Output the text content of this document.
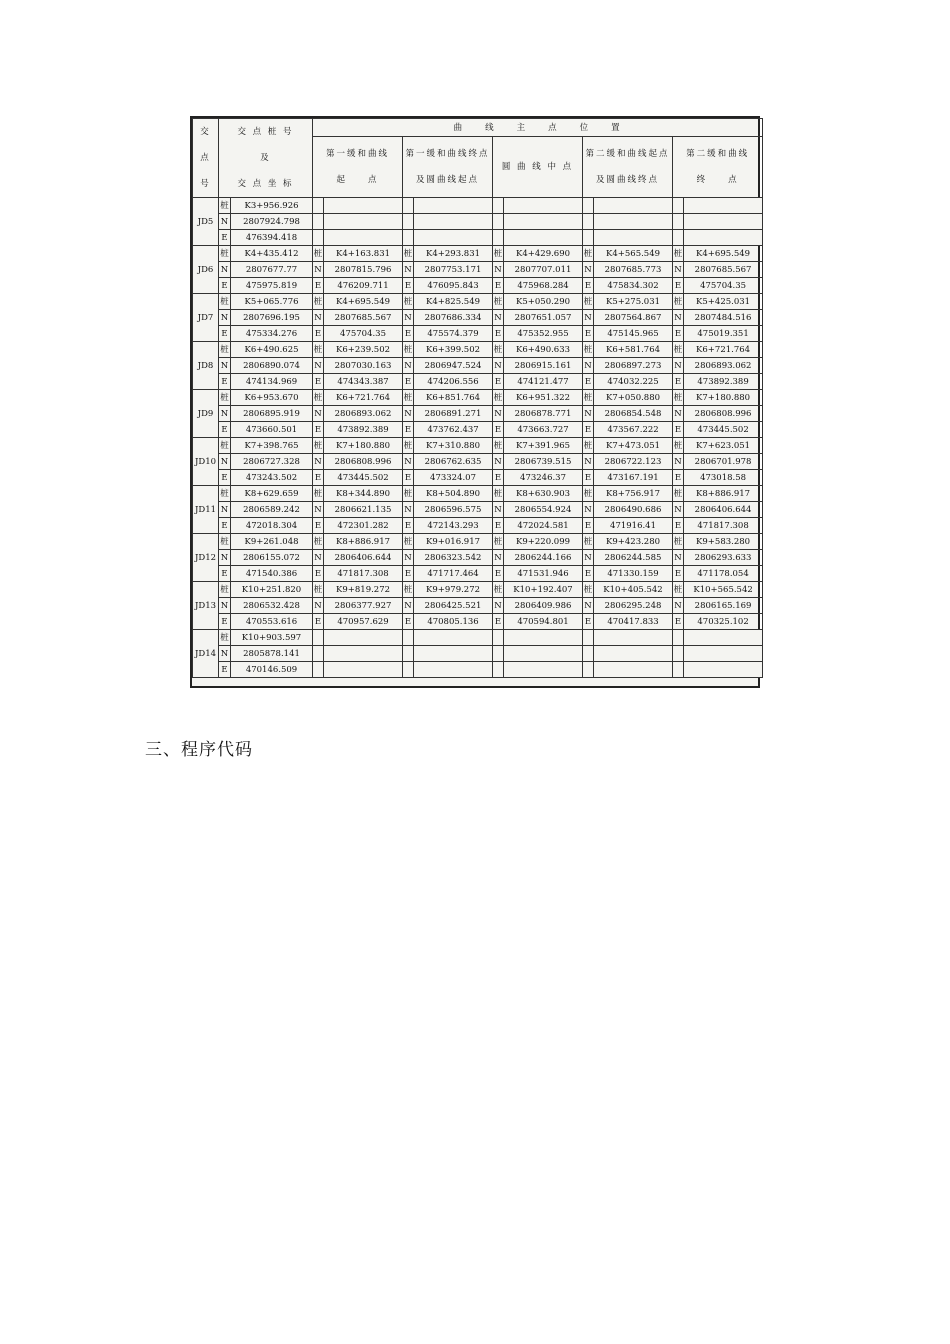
交
点
号	交 点 桩 号
及
交 点 坐 标		曲　　线　　主　　点　　位　　置									

			第一缓和曲线
起　　点		第一缓和曲线终点
及圆曲线起点		圆 曲 线 中 点		第二缓和曲线起点
及圆曲线终点		第二缓和曲线
终　　点	

JD5	桩	K3+956.926										
	N	2807924.798										
	E	476394.418										
JD6	桩	K4+435.412	桩	K4+163.831	桩	K4+293.831	桩	K4+429.690	桩	K4+565.549	桩	K4+695.549
	N	2807677.77	N	2807815.796	N	2807753.171	N	2807707.011	N	2807685.773	N	2807685.567
	E	475975.819	E	476209.711	E	476095.843	E	475968.284	E	475834.302	E	475704.35
JD7	桩	K5+065.776	桩	K4+695.549	桩	K4+825.549	桩	K5+050.290	桩	K5+275.031	桩	K5+425.031
	N	2807696.195	N	2807685.567	N	2807686.334	N	2807651.057	N	2807564.867	N	2807484.516
	E	475334.276	E	475704.35	E	475574.379	E	475352.955	E	475145.965	E	475019.351
JD8	桩	K6+490.625	桩	K6+239.502	桩	K6+399.502	桩	K6+490.633	桩	K6+581.764	桩	K6+721.764
	N	2806890.074	N	2807030.163	N	2806947.524	N	2806915.161	N	2806897.273	N	2806893.062
	E	474134.969	E	474343.387	E	474206.556	E	474121.477	E	474032.225	E	473892.389
JD9	桩	K6+953.670	桩	K6+721.764	桩	K6+851.764	桩	K6+951.322	桩	K7+050.880	桩	K7+180.880
	N	2806895.919	N	2806893.062	N	2806891.271	N	2806878.771	N	2806854.548	N	2806808.996
	E	473660.501	E	473892.389	E	473762.437	E	473663.727	E	473567.222	E	473445.502
JD10	桩	K7+398.765	桩	K7+180.880	桩	K7+310.880	桩	K7+391.965	桩	K7+473.051	桩	K7+623.051
	N	2806727.328	N	2806808.996	N	2806762.635	N	2806739.515	N	2806722.123	N	2806701.978
	E	473243.502	E	473445.502	E	473324.07	E	473246.37	E	473167.191	E	473018.58
JD11	桩	K8+629.659	桩	K8+344.890	桩	K8+504.890	桩	K8+630.903	桩	K8+756.917	桩	K8+886.917
	N	2806589.242	N	2806621.135	N	2806596.575	N	2806554.924	N	2806490.686	N	2806406.644
	E	472018.304	E	472301.282	E	472143.293	E	472024.581	E	471916.41	E	471817.308
JD12	桩	K9+261.048	桩	K8+886.917	桩	K9+016.917	桩	K9+220.099	桩	K9+423.280	桩	K9+583.280
	N	2806155.072	N	2806406.644	N	2806323.542	N	2806244.166	N	2806244.585	N	2806293.633
	E	471540.386	E	471817.308	E	471717.464	E	471531.946	E	471330.159	E	471178.054
JD13	桩	K10+251.820	桩	K9+819.272	桩	K9+979.272	桩	K10+192.407	桩	K10+405.542	桩	K10+565.542
	N	2806532.428	N	2806377.927	N	2806425.521	N	2806409.986	N	2806295.248	N	2806165.169
	E	470553.616	E	470957.629	E	470805.136	E	470594.801	E	470417.833	E	470325.102
JD14	桩	K10+903.597										
	N	2805878.141										
	E	470146.509										
三、程序代码
